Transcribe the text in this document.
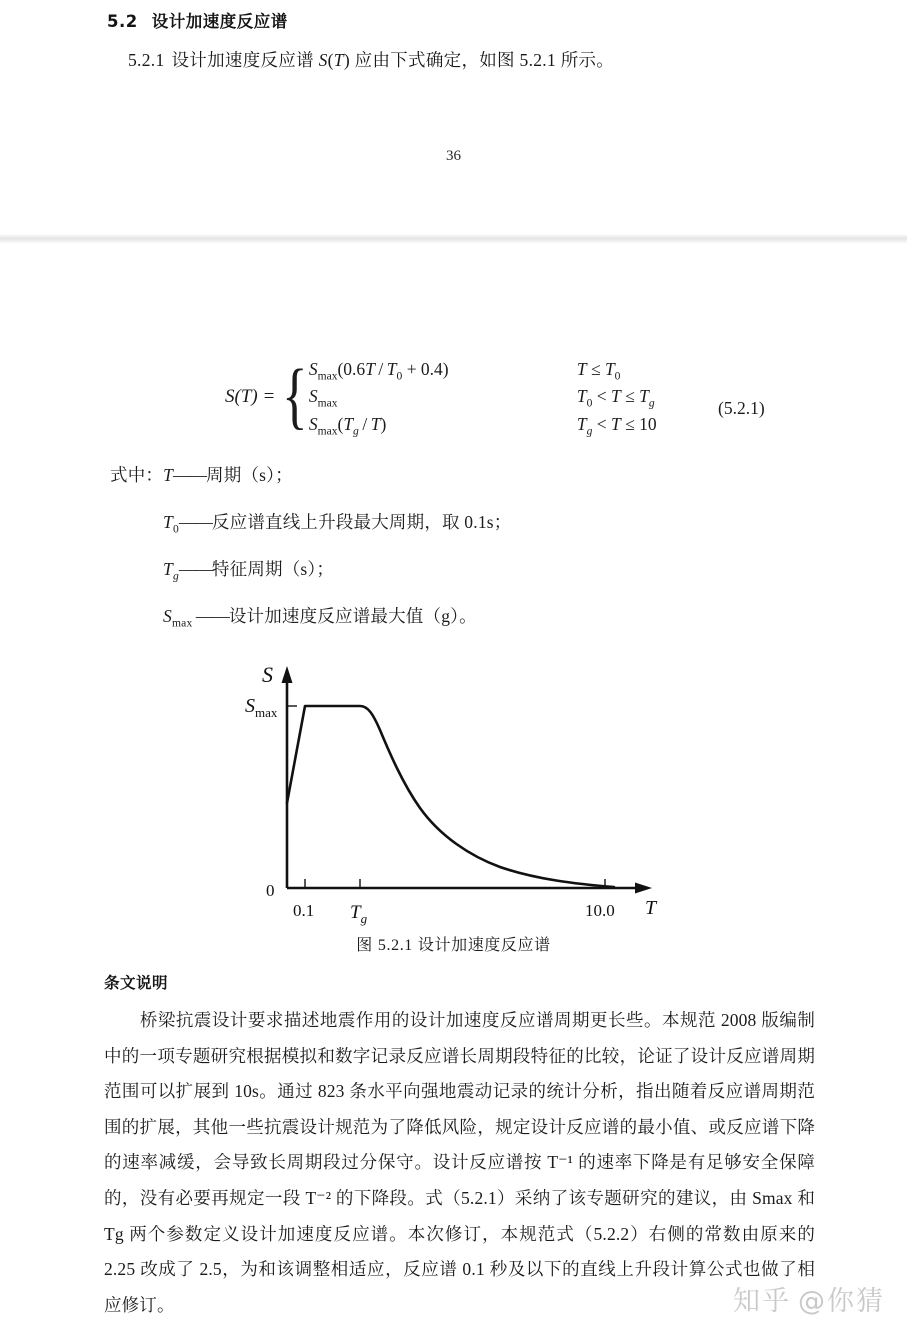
5.2 设计加速度反应谱
5.2.1 设计加速度反应谱 S(T) 应由下式确定，如图 5.2.1 所示。
36
S(T) = { $S_{max}(0.6T / T_0 + 0.4)$	$T \le T_0$
$S_{max}$	$T_0 < T \le T_g$
$S_{max}(T_g / T)$	$T_g < T \le 10$
(5.2.1)
式中：T——周期（s）；
$T_0——$反应谱直线上升段最大周期，取 0.1s；
$T_g——$特征周期（s）；
$S_{max}$ ——设计加速度反应谱最大值（g）。
S
$S_{max}$
0
0.1 $T_g$	10.0 T
图 5.2.1 设计加速度反应谱
条文说明
桥梁抗震设计要求描述地震作用的设计加速度反应谱周期更长些。本规范 2008 版编制中的一项专题研究根据模拟和数字记录反应谱长周期段特征的比较，论证了设计反应谱周期范围可以扩展到 10s。通过 823 条水平向强地震动记录的统计分析，指出随着反应谱周期范围的扩展，其他一些抗震设计规范为了降低风险，规定设计反应谱的最小值、或反应谱下降的速率减缓，会导致长周期段过分保守。设计反应谱按 T⁻¹ 的速率下降是有足够安全保障的，没有必要再规定一段 T⁻² 的下降段。式（5.2.1）采纳了该专题研究的建议，由 Smax 和 Tg 两个参数定义设计加速度反应谱。本次修订，本规范式（5.2.2）右侧的常数由原来的 2.25 改成了 2.5，为和该调整相适应，反应谱 0.1 秒及以下的直线上升段计算公式也做了相应修订。	知乎 @你猜
